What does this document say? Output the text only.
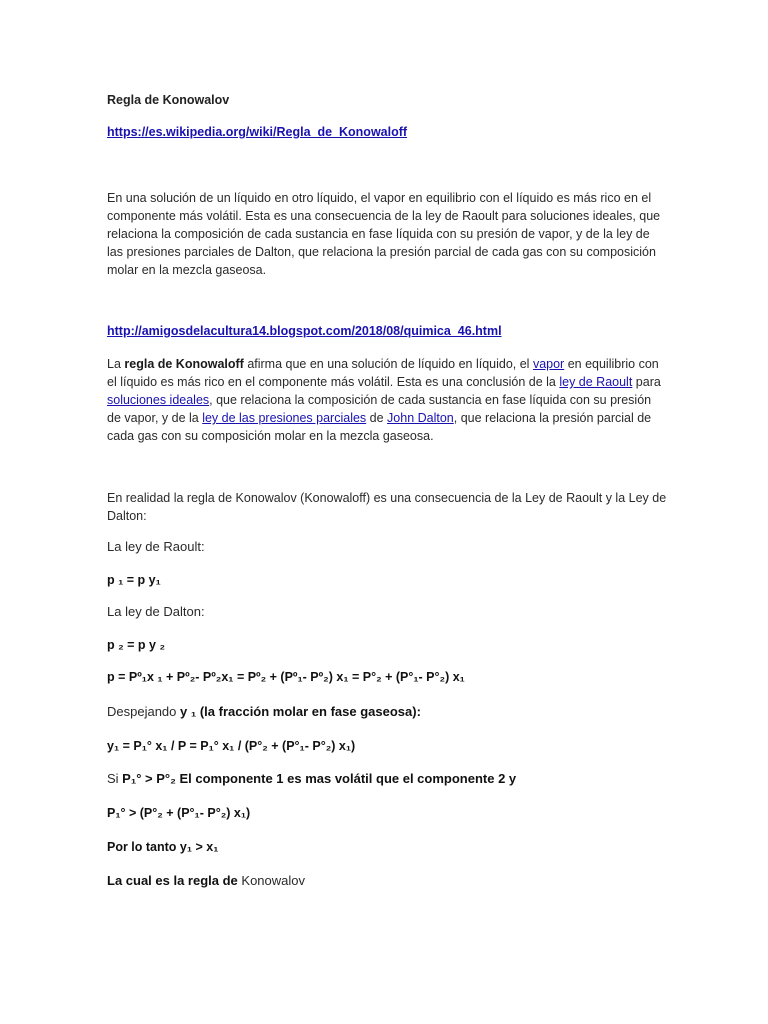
Regla de Konowalov
https://es.wikipedia.org/wiki/Regla_de_Konowaloff
En una solución de un líquido en otro líquido, el vapor en equilibrio con el líquido es más rico en el componente más volátil. Esta es una consecuencia de la ley de Raoult para soluciones ideales, que relaciona la composición de cada sustancia en fase líquida con su presión de vapor, y de la ley de las presiones parciales de Dalton, que relaciona la presión parcial de cada gas con su composición molar en la mezcla gaseosa.
http://amigosdelacultura14.blogspot.com/2018/08/quimica_46.html
La regla de Konowaloff afirma que en una solución de líquido en líquido, el vapor en equilibrio con el líquido es más rico en el componente más volátil. Esta es una conclusión de la ley de Raoult para soluciones ideales, que relaciona la composición de cada sustancia en fase líquida con su presión de vapor, y de la ley de las presiones parciales de John Dalton, que relaciona la presión parcial de cada gas con su composición molar en la mezcla gaseosa.
En realidad la regla de Konowalov (Konowaloff) es una consecuencia de la Ley de Raoult y la Ley de Dalton:
La ley de Raoult:
p ₁ = p y₁
La ley de Dalton:
p ₂ = p y ₂
p = Pº₁x ₁ + Pº₂- Pº₂x₁ = Pº₂ + (Pº₁- Pº₂) x₁ = P°₂ + (P°₁- P°₂) x₁
Despejando y ₁ (la fracción molar en fase gaseosa):
y₁ = P₁° x₁ / P = P₁° x₁ / (P°₂ + (P°₁- P°₂) x₁)
Si P₁° > P°₂ El componente 1 es mas volátil que el componente 2 y
P₁° > (P°₂ + (P°₁- P°₂) x₁)
Por lo tanto y₁ > x₁
La cual es la regla de Konowalov
